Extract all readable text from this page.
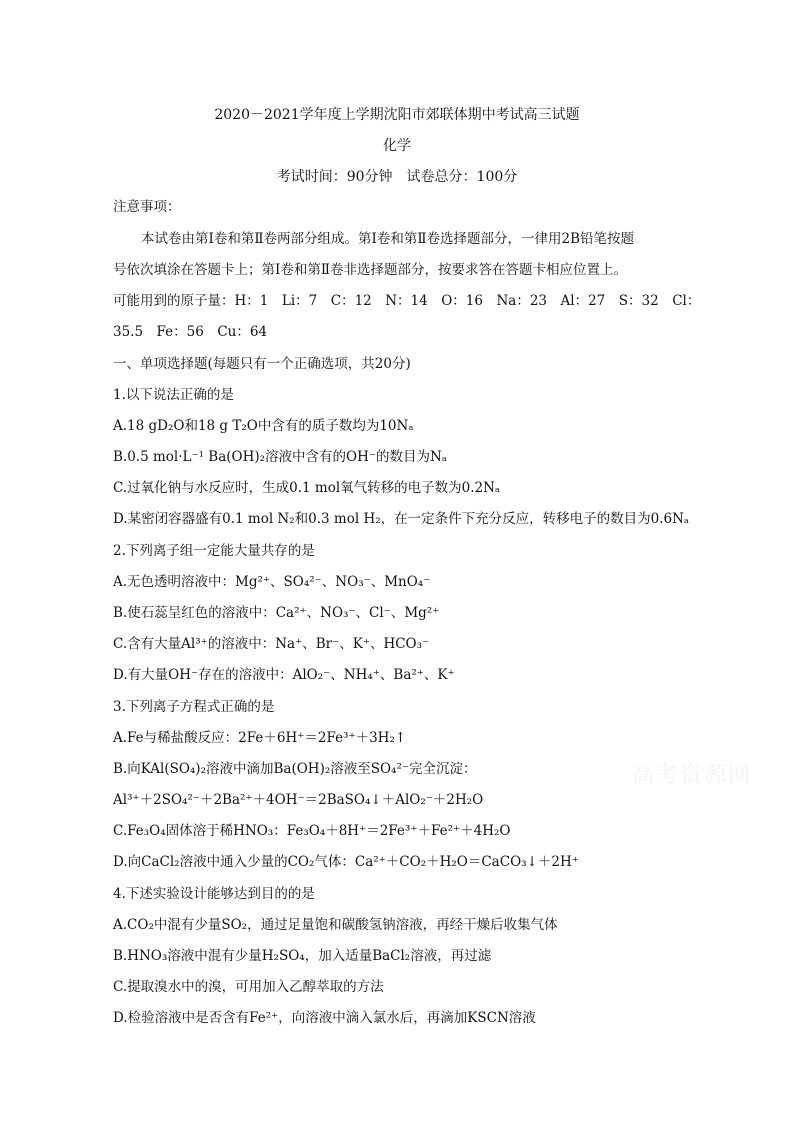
2020－2021学年度上学期沈阳市郊联体期中考试高三试题
化学
考试时间：90分钟　试卷总分：100分
注意事项：
本试卷由第Ⅰ卷和第Ⅱ卷两部分组成。第Ⅰ卷和第Ⅱ卷选择题部分，一律用2B铅笔按题
号依次填涂在答题卡上；第Ⅰ卷和第Ⅱ卷非选择题部分，按要求答在答题卡相应位置上。
可能用到的原子量：H：1　Li：7　C：12　N：14　O：16　Na：23　Al：27　S：32　Cl：
35.5　Fe：56　Cu：64
一、单项选择题(每题只有一个正确选项，共20分)
1.以下说法正确的是
A.18 gD₂O和18 g T₂O中含有的质子数均为10Nₐ
B.0.5 mol·L⁻¹ Ba(OH)₂溶液中含有的OH⁻的数目为Nₐ
C.过氧化钠与水反应时，生成0.1 mol氧气转移的电子数为0.2Nₐ
D.某密闭容器盛有0.1 mol N₂和0.3 mol H₂，在一定条件下充分反应，转移电子的数目为0.6Nₐ
2.下列离子组一定能大量共存的是
A.无色透明溶液中：Mg²⁺、SO₄²⁻、NO₃⁻、MnO₄⁻
B.使石蕊呈红色的溶液中：Ca²⁺、NO₃⁻、Cl⁻、Mg²⁺
C.含有大量Al³⁺的溶液中：Na⁺、Br⁻、K⁺、HCO₃⁻
D.有大量OH⁻存在的溶液中：AlO₂⁻、NH₄⁺、Ba²⁺、K⁺
3.下列离子方程式正确的是
A.Fe与稀盐酸反应：2Fe＋6H⁺＝2Fe³⁺＋3H₂↑
B.向KAl(SO₄)₂溶液中滴加Ba(OH)₂溶液至SO₄²⁻完全沉淀：
Al³⁺＋2SO₄²⁻＋2Ba²⁺＋4OH⁻＝2BaSO₄↓＋AlO₂⁻＋2H₂O
C.Fe₃O₄固体溶于稀HNO₃：Fe₃O₄＋8H⁺＝2Fe³⁺＋Fe²⁺＋4H₂O
D.向CaCl₂溶液中通入少量的CO₂气体：Ca²⁺＋CO₂＋H₂O＝CaCO₃↓＋2H⁺
4.下述实验设计能够达到目的的是
A.CO₂中混有少量SO₂，通过足量饱和碳酸氢钠溶液，再经干燥后收集气体
B.HNO₃溶液中混有少量H₂SO₄，加入适量BaCl₂溶液，再过滤
C.提取溴水中的溴，可用加入乙醇萃取的方法
D.检验溶液中是否含有Fe²⁺，向溶液中滴入氯水后，再滴加KSCN溶液
高考资源网
